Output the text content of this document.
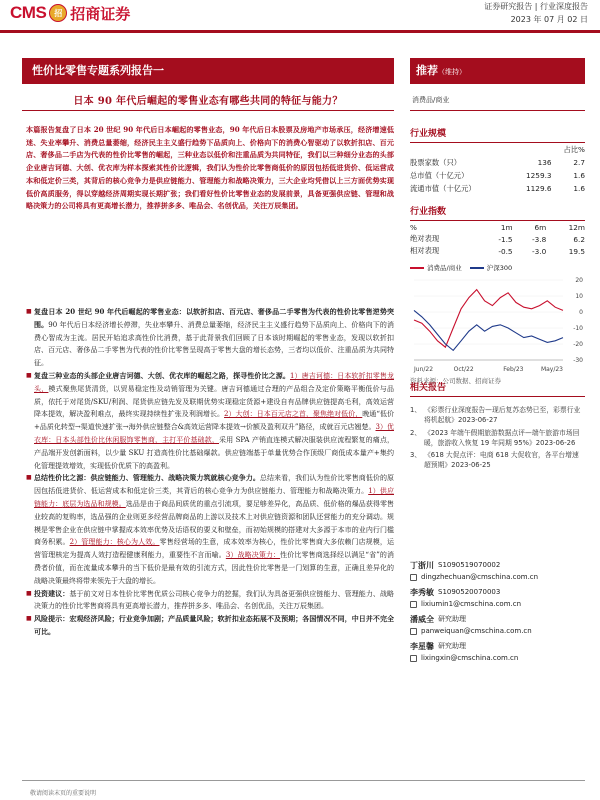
CMS	招 招商证券	证券研究报告 | 行业深度报告
2023 年 07 月 02 日
性价比零售专题系列报告一
日本 90 年代后崛起的零售业态有哪些共同的特征与能力？
本篇报告复盘了日本 20 世纪 90 年代后日本崛起的零售业态，90 年代后日本股票及房地产市场承压，经济增速低迷、失业率攀升、消费总量萎缩，经济民主主义盛行趋势下品质向上、价格向下的消费心智驱动了以软折扣店、百元店、奢侈品二手店为代表的性价比零售的崛起，三种业态以低价和注重品质为共同特征，我们以三种细分业态的头部企业唐吉诃德、大创、优衣库为样本探索其性价比逻辑，我们认为性价比零售商低价的原因包括低进货价、低运营成本和低定价三类，其背后的核心竞争力是供应链能力、管理能力和战略决策力，三大企业均凭借以上三方面优势实现低价高质服务，得以穿越经济周期实现长期扩张；我们看好性价比零售业态的发展前景，具备更强供应链、管理和战略决策力的公司将具有更高增长潜力，推荐拼多多、唯品会、名创优品，关注万辰集团。
■ 复盘日本 20 世纪 90 年代后崛起的零售业态：以软折扣店、百元店、奢侈品二手零售为代表的性价比零售逆势突围。90 年代后日本经济增长停滞，失业率攀升、消费总量萎缩，经济民主主义盛行趋势下品质向上、价格向下的消费心智成为主流。居民开始追求高性价比消费，基于此背景我们回顾了日本该时期崛起的零售业态，发现以软折扣店、百元店、奢侈品二手零售为代表的性价比零售呈现高于零售大盘的增长态势，三者均以低价、注重品质为共同特征。
■ 复盘三种业态的头部企业唐吉诃德、大创、优衣库的崛起之路，探寻性价比之源。1）唐吉诃德：日本软折扣零售龙头，模式聚焦尾货清货，以贸易稳定性及动销管理为关键。唐吉诃德通过合理的产品组合及定价策略平衡低价与品质，依托于对尾货/SKU/利润、尾货供应链先发及联期优势实现稳定货源+建设自有品牌供应链提高毛利，高效运营降本提效，解决盈利难点，最终实现持续性扩张及利润增长。2）大创：日本百元店之首，聚焦绝对低价，晚通“低价+品质化转型→渠道快速扩张→海外供应链整合&高效运营降本提效→价额及盈利双升”路径，成就百元店翘楚。3）优衣库：日本头部性价比休闲服饰零售商，主打平价基础款，采用 SPA 产销直连模式解决服装供应流程繁复的痛点，产品端开发创新面料，以少量 SKU 打造高性价比基础爆款。供应链端基于单量优势合作顶级厂商低成本量产+集约化管理提效增效，实现低价优质下的高盈利。
■ 总结性价比之源：供应链能力、管理能力、战略决策力筑就核心竞争力。总结来看，我们认为性价比零售商低价的原因包括低进货价、低运营成本和低定价三类，其背后的核心竞争力为供应链能力、管理能力和战略决策力。1）供应链能力：底层为选品和规模。选品是由于商品间质优的重点引流项，要足够差异化，高品质、低价格的爆品获得零售业较高的复购率，选品强的企业则更多经营品牌商品的上游以及技术上对供应链资源和团队还营能力的充分调动。规模是零售企业在供应链中掌握成本效率优势及话语权的要义和壁垒，而初始规模的搭建对大多源于本市的业内行门槛商务积累。2）管理能力：核心为人效。零售经营场的生意，成本效率为核心，性价比零售商大多依赖门店规模，运营管理核定为提高人效打造程健康利能力，重要性不言而喻。3）战略决策力：性价比零售商选择经以满足“省”的消费者价值，而在流量成本攀升的当下低价是最有效的引流方式，因此性价比零售是一门划算的生意，正确且差异化的战略决策最终将带来领先于大盘的增长。
■ 投资建议：基于前文对日本性价比零售优质公司核心竞争力的挖掘，我们认为具备更强供应链能力、管理能力、战略决策力的性价比零售商将具有更高增长潜力，推荐拼多多、唯品会、名创优品，关注万辰集团。
■ 风险提示：宏观经济风险；行业竞争加剧；产品质量风险；软折扣业态拓展不及预期；各国情况不同，中日并不完全可比。
敬请阅读末页的重要说明
推荐（维持）
消费品/商业
行业规模
		占比%
股票家数（只）	136	2.7
总市值（十亿元）	1259.3	1.6
流通市值（十亿元）	1129.6	1.6
行业指数
%	1m	6m	12m
绝对表现	-1.5	-3.8	6.2
相对表现	-0.5	-3.0	19.5
消费品/商业	沪深300
20
10
0
-10
-20
-30
Jun/22	Oct/22	Feb/23	May/23
资料来源：公司数据、招商证券
相关报告
1、 《彩票行业深度报告—现后复苏态势已至，彩票行业将机起航》2023-06-27
2、 《2023 年端午假期旅游数据点评—端午旅游市场回暖，旅游收入恢复 19 年同期 95%》2023-06-26
3、 《618 大促点评：电商 618 大促收官，各平台增速超预期》2023-06-25
丁浙川 S1090519070002
dingzhechuan@cmschina.com.cn
李秀敏 S1090520070003
lixiumin1@cmschina.com.cn
潘威全 研究助理
panweiquan@cmschina.com.cn
李星馨 研究助理
lixingxin@cmschina.com.cn
